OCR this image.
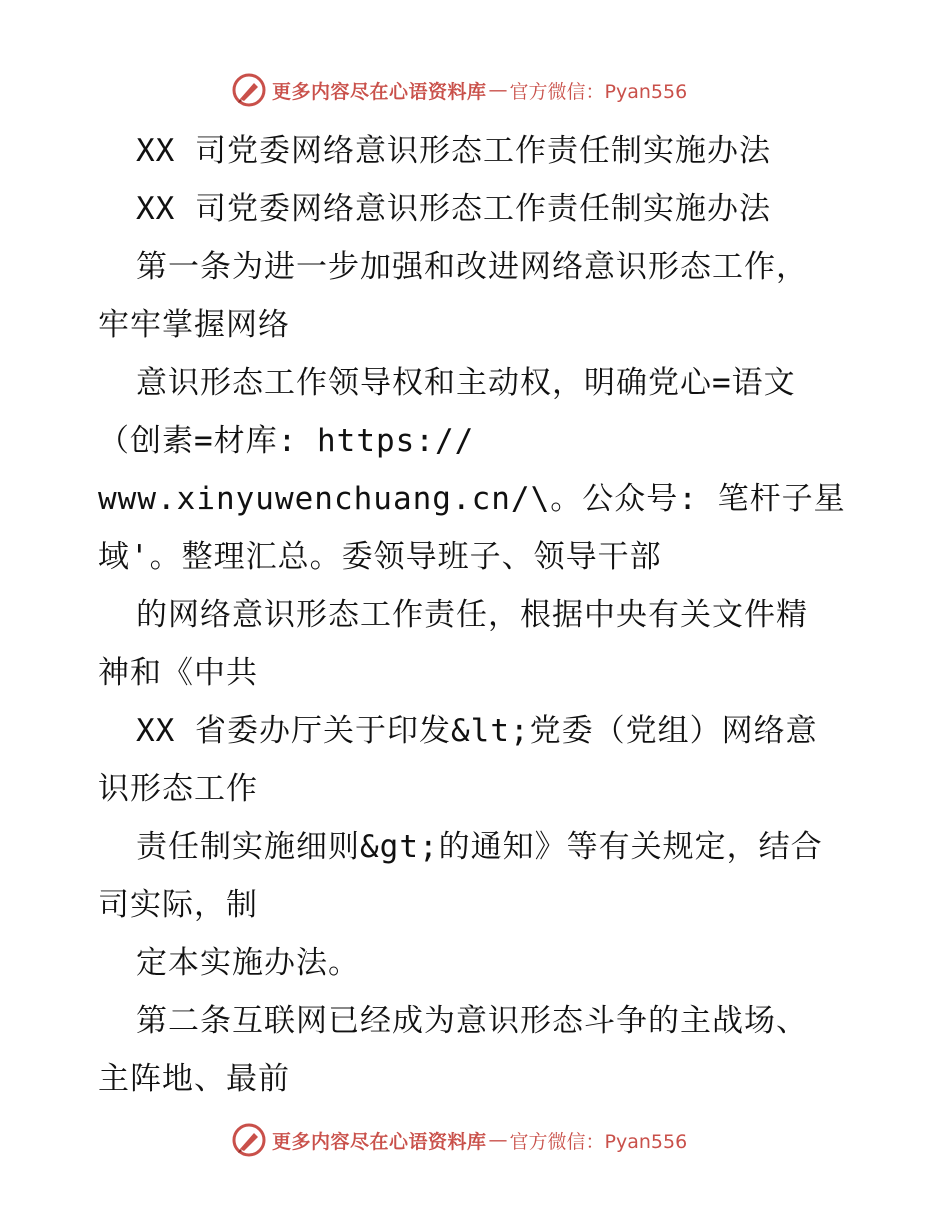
更多内容尽在心语资料库 — 官方微信：Pyan556
XX 司党委网络意识形态工作责任制实施办法
XX 司党委网络意识形态工作责任制实施办法
第一条为进一步加强和改进网络意识形态工作，
牢牢掌握网络
意识形态工作领导权和主动权，明确党心=语文
（创素=材库: https://
www.xinyuwenchuang.cn/\。公众号: 笔杆子星
域'。整理汇总。委领导班子、领导干部
的网络意识形态工作责任，根据中央有关文件精
神和《中共
XX 省委办厅关于印发&lt;党委（党组）网络意
识形态工作
责任制实施细则&gt;的通知》等有关规定，结合
司实际，制
定本实施办法。
第二条互联网已经成为意识形态斗争的主战场、
主阵地、最前
更多内容尽在心语资料库 — 官方微信：Pyan556
